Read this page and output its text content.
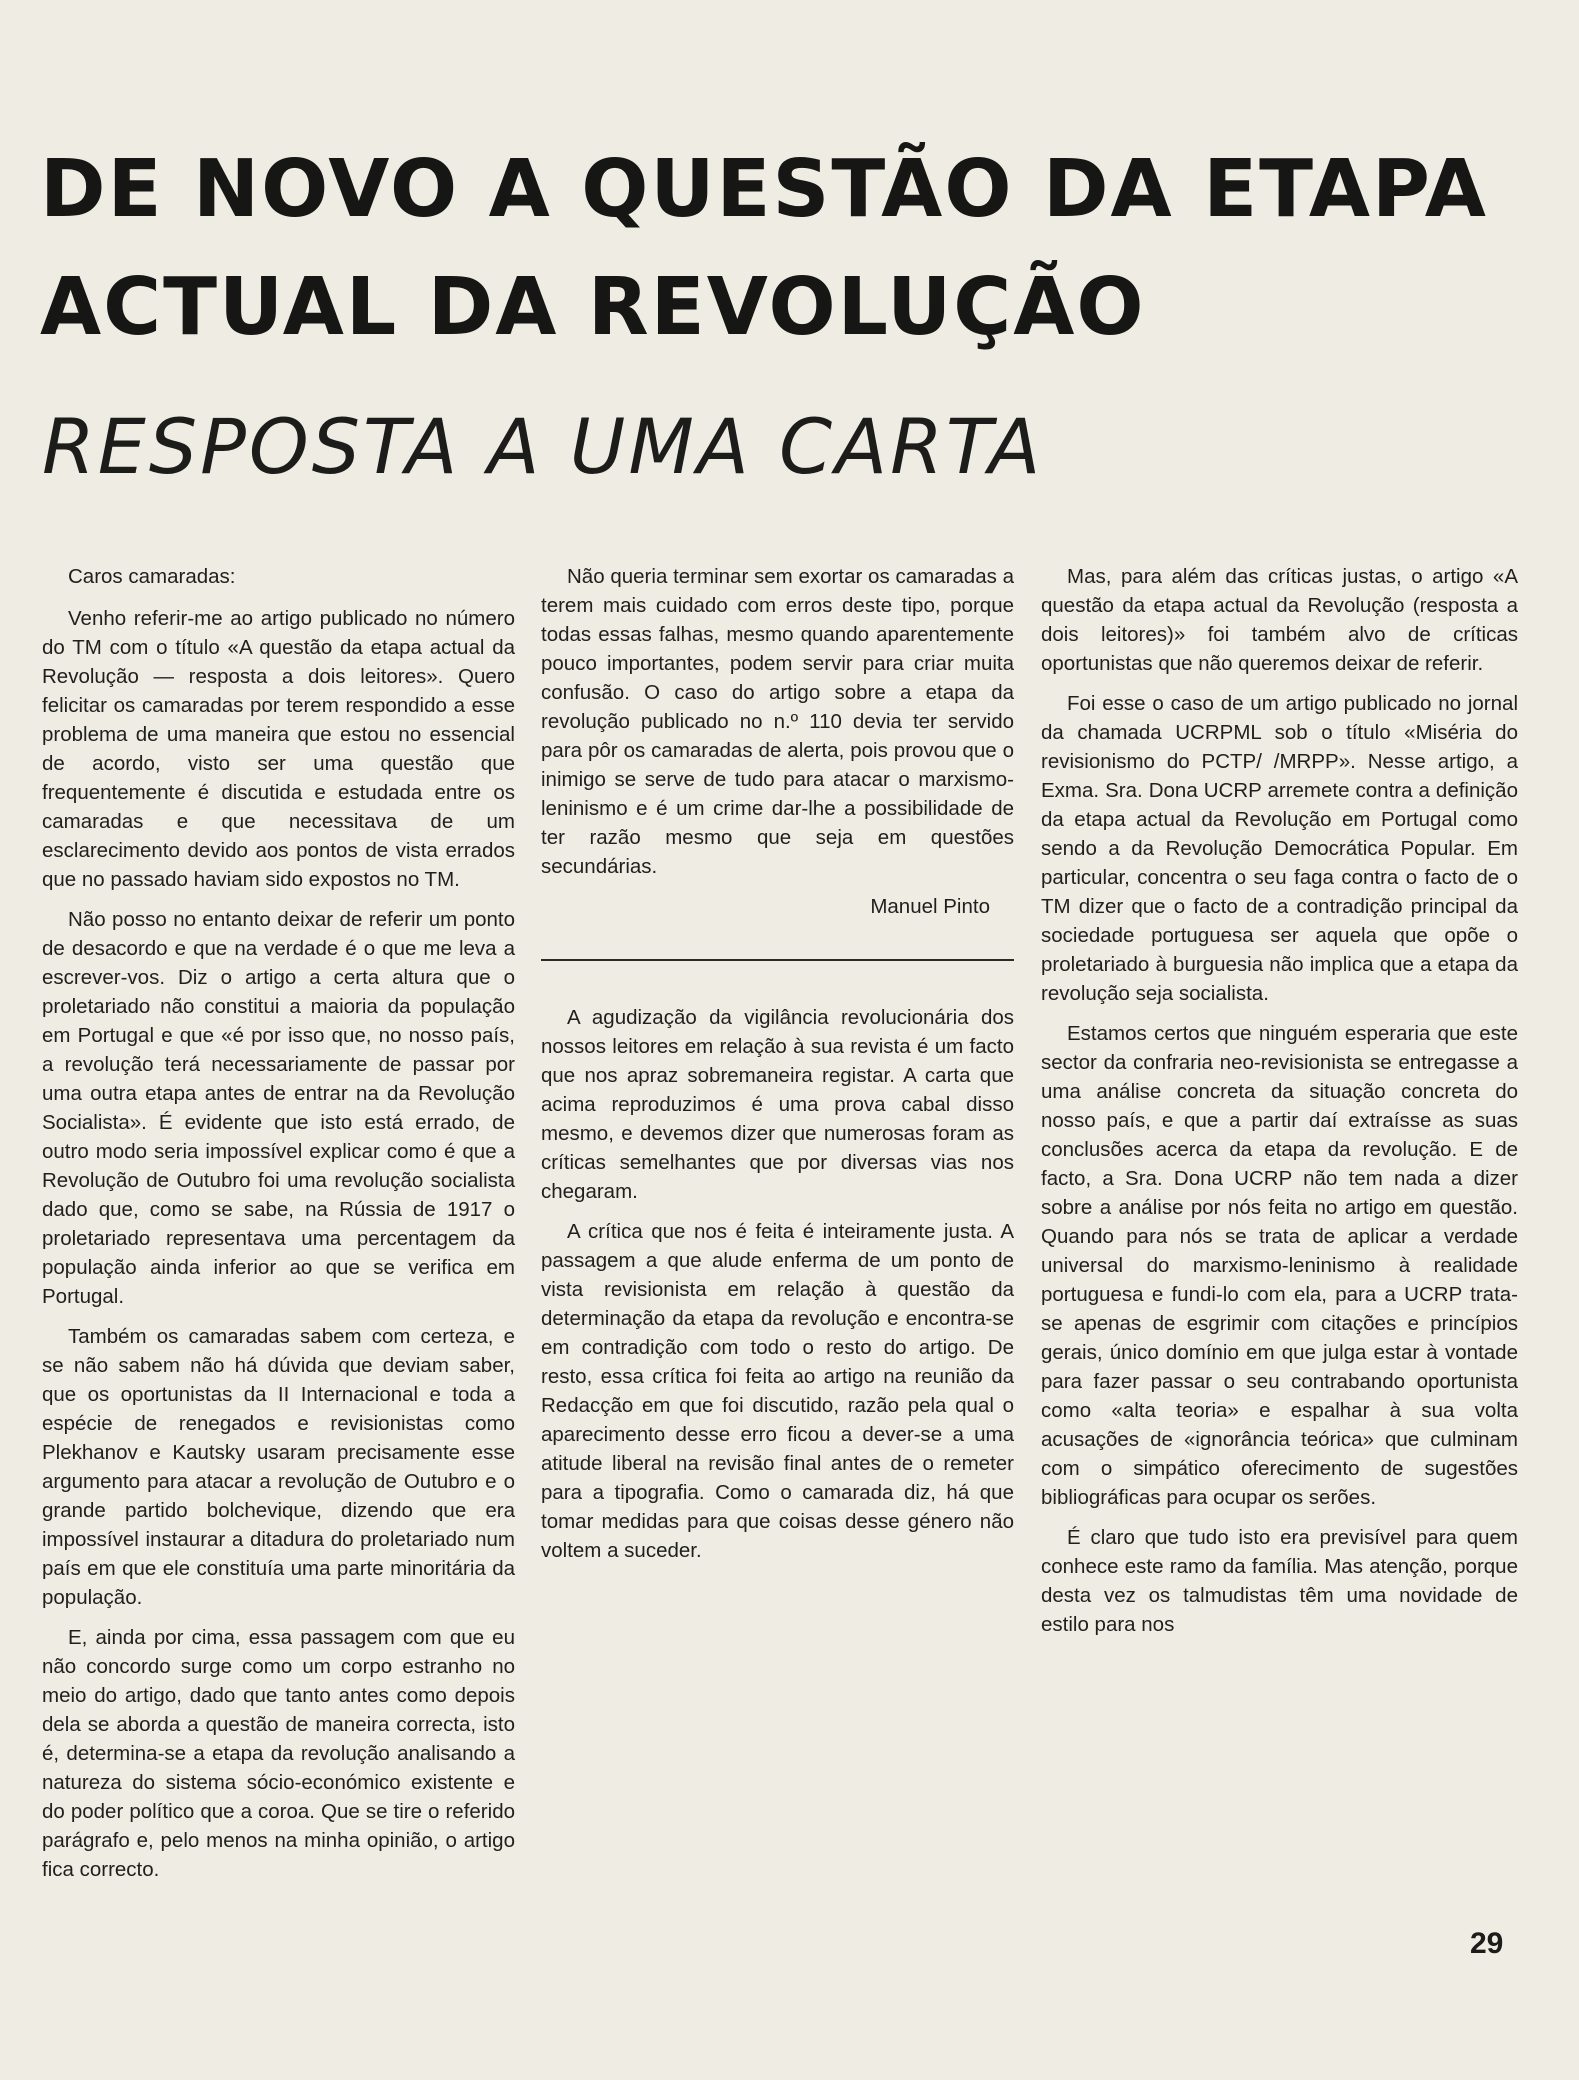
DE NOVO A QUESTÃO DA ETAPA
ACTUAL DA REVOLUÇÃO
RESPOSTA A UMA CARTA

Caros camaradas:

Venho referir-me ao artigo publicado no número do TM com o título «A questão da etapa actual da Revolução — resposta a dois leitores». Quero felicitar os camaradas por terem respondido a esse problema de uma maneira que estou no essencial de acordo, visto ser uma questão que frequentemente é discutida e estudada entre os camaradas e que necessitava de um esclarecimento devido aos pontos de vista errados que no passado haviam sido expostos no TM.

Não posso no entanto deixar de referir um ponto de desacordo e que na verdade é o que me leva a escrever-vos. Diz o artigo a certa altura que o proletariado não constitui a maioria da população em Portugal e que «é por isso que, no nosso país, a revolução terá necessariamente de passar por uma outra etapa antes de entrar na da Revolução Socialista». É evidente que isto está errado, de outro modo seria impossível explicar como é que a Revolução de Outubro foi uma revolução socialista dado que, como se sabe, na Rússia de 1917 o proletariado representava uma percentagem da população ainda inferior ao que se verifica em Portugal.

Também os camaradas sabem com certeza, e se não sabem não há dúvida que deviam saber, que os oportunistas da II Internacional e toda a espécie de renegados e revisionistas como Plekhanov e Kautsky usaram precisamente esse argumento para atacar a revolução de Outubro e o grande partido bolchevique, dizendo que era impossível instaurar a ditadura do proletariado num país em que ele constituía uma parte minoritária da população.

E, ainda por cima, essa passagem com que eu não concordo surge como um corpo estranho no meio do artigo, dado que tanto antes como depois dela se aborda a questão de maneira correcta, isto é, determina-se a etapa da revolução analisando a natureza do sistema sócio-económico existente e do poder político que a coroa. Que se tire o referido parágrafo e, pelo menos na minha opinião, o artigo fica correcto.

Não queria terminar sem exortar os camaradas a terem mais cuidado com erros deste tipo, porque todas essas falhas, mesmo quando aparentemente pouco importantes, podem servir para criar muita confusão. O caso do artigo sobre a etapa da revolução publicado no n.º 110 devia ter servido para pôr os camaradas de alerta, pois provou que o inimigo se serve de tudo para atacar o marxismo-leninismo e é um crime dar-lhe a possibilidade de ter razão mesmo que seja em questões secundárias.

Manuel Pinto

A agudização da vigilância revolucionária dos nossos leitores em relação à sua revista é um facto que nos apraz sobremaneira registar. A carta que acima reproduzimos é uma prova cabal disso mesmo, e devemos dizer que numerosas foram as críticas semelhantes que por diversas vias nos chegaram.

A crítica que nos é feita é inteiramente justa. A passagem a que alude enferma de um ponto de vista revisionista em relação à questão da determinação da etapa da revolução e encontra-se em contradição com todo o resto do artigo. De resto, essa crítica foi feita ao artigo na reunião da Redacção em que foi discutido, razão pela qual o aparecimento desse erro ficou a dever-se a uma atitude liberal na revisão final antes de o remeter para a tipografia. Como o camarada diz, há que tomar medidas para que coisas desse género não voltem a suceder.

Mas, para além das críticas justas, o artigo «A questão da etapa actual da Revolução (resposta a dois leitores)» foi também alvo de críticas oportunistas que não queremos deixar de referir.

Foi esse o caso de um artigo publicado no jornal da chamada UCRPML sob o título «Miséria do revisionismo do PCTP/ /MRPP». Nesse artigo, a Exma. Sra. Dona UCRP arremete contra a definição da etapa actual da Revolução em Portugal como sendo a da Revolução Democrática Popular. Em particular, concentra o seu faga contra o facto de o TM dizer que o facto de a contradição principal da sociedade portuguesa ser aquela que opõe o proletariado à burguesia não implica que a etapa da revolução seja socialista.

Estamos certos que ninguém esperaria que este sector da confraria neo-revisionista se entregasse a uma análise concreta da situação concreta do nosso país, e que a partir daí extraísse as suas conclusões acerca da etapa da revolução. E de facto, a Sra. Dona UCRP não tem nada a dizer sobre a análise por nós feita no artigo em questão. Quando para nós se trata de aplicar a verdade universal do marxismo-leninismo à realidade portuguesa e fundi-lo com ela, para a UCRP trata-se apenas de esgrimir com citações e princípios gerais, único domínio em que julga estar à vontade para fazer passar o seu contrabando oportunista como «alta teoria» e espalhar à sua volta acusações de «ignorância teórica» que culminam com o simpático oferecimento de sugestões bibliográficas para ocupar os serões.

É claro que tudo isto era previsível para quem conhece este ramo da família. Mas atenção, porque desta vez os talmudistas têm uma novidade de estilo para nos

29
